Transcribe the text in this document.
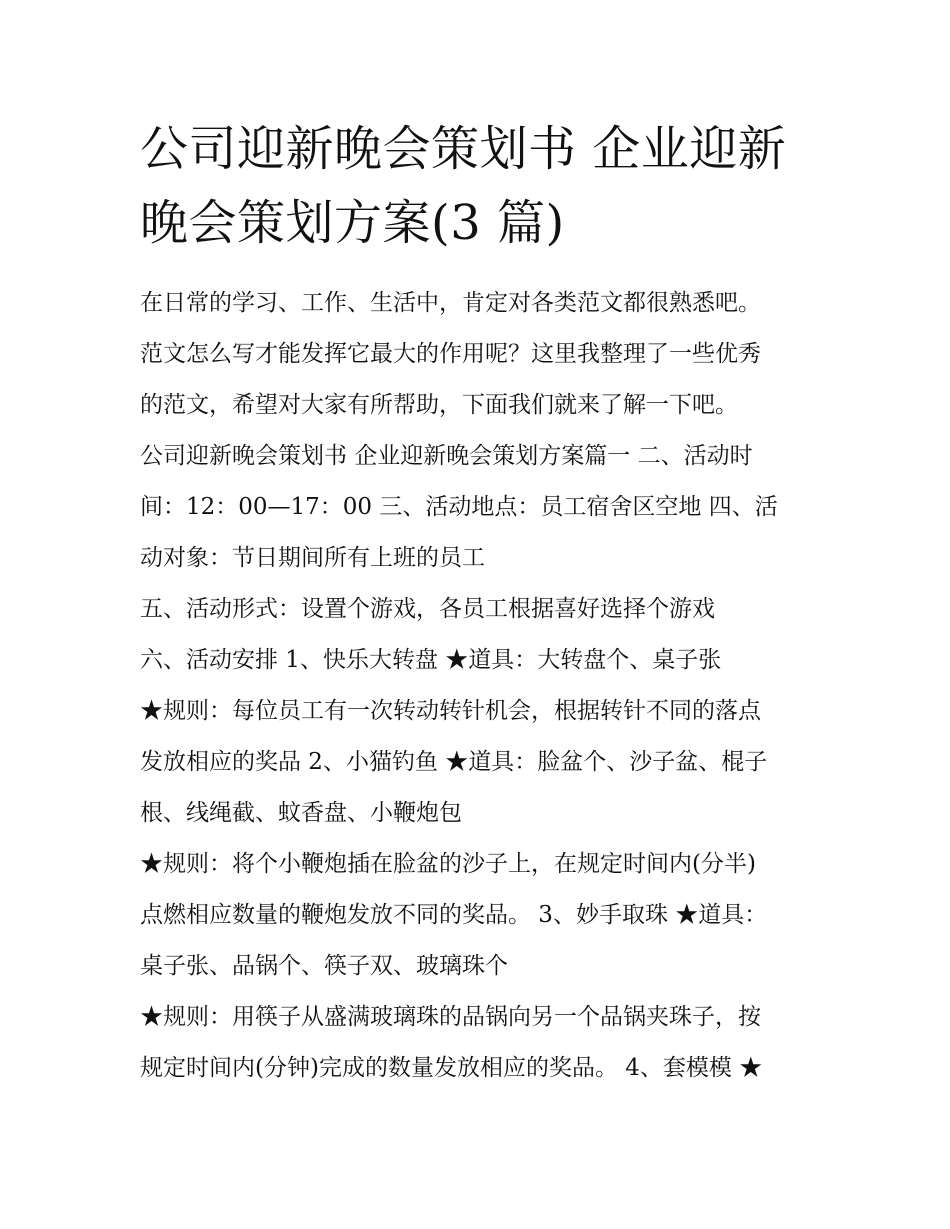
公司迎新晚会策划书 企业迎新
晚会策划方案(3 篇)
在日常的学习、工作、生活中，肯定对各类范文都很熟悉吧。
范文怎么写才能发挥它最大的作用呢？这里我整理了一些优秀
的范文，希望对大家有所帮助，下面我们就来了解一下吧。
公司迎新晚会策划书 企业迎新晚会策划方案篇一 二、活动时
间：12：00—17：00 三、活动地点：员工宿舍区空地 四、活
动对象：节日期间所有上班的员工
五、活动形式：设置个游戏，各员工根据喜好选择个游戏
六、活动安排 1、快乐大转盘 ★道具：大转盘个、桌子张
★规则：每位员工有一次转动转针机会，根据转针不同的落点
发放相应的奖品 2、小猫钓鱼 ★道具：脸盆个、沙子盆、棍子
根、线绳截、蚊香盘、小鞭炮包
★规则：将个小鞭炮插在脸盆的沙子上，在规定时间内(分半)
点燃相应数量的鞭炮发放不同的奖品。 3、妙手取珠 ★道具：
桌子张、品锅个、筷子双、玻璃珠个
★规则：用筷子从盛满玻璃珠的品锅向另一个品锅夹珠子，按
规定时间内(分钟)完成的数量发放相应的奖品。 4、套模模 ★
